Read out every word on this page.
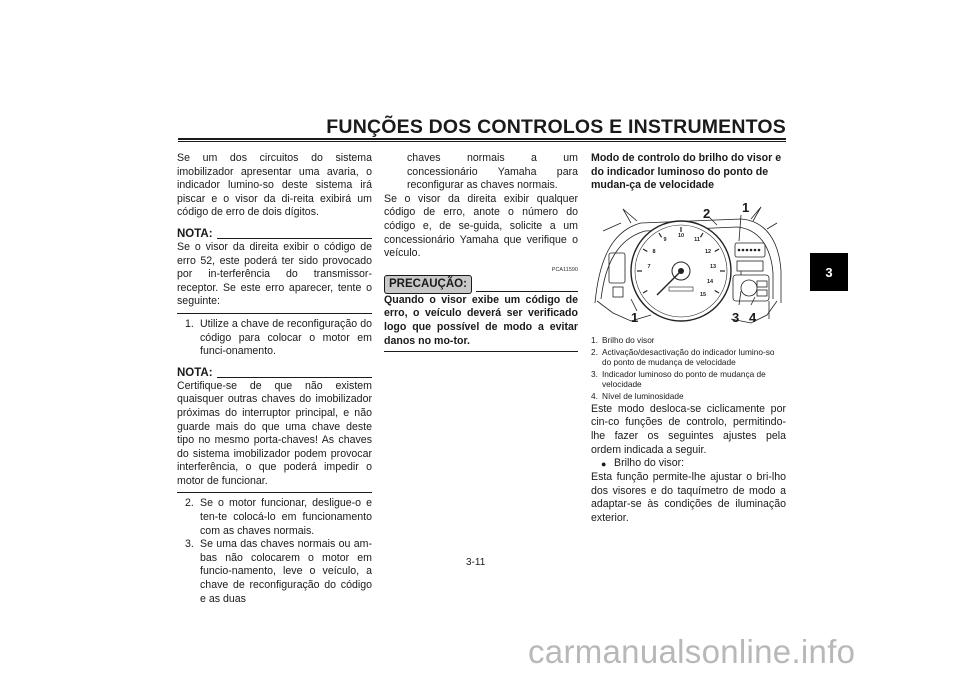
FUNÇÕES DOS CONTROLOS E INSTRUMENTOS

Se um dos circuitos do sistema imobilizador apresentar uma avaria, o indicador lumino-so deste sistema irá piscar e o visor da di-reita exibirá um código de erro de dois dígitos.

NOTA:

Se o visor da direita exibir o código de erro 52, este poderá ter sido provocado por in-terferência do transmissor-receptor. Se este erro aparecer, tente o seguinte:

1. Utilize a chave de reconfiguração do código para colocar o motor em funci-onamento.
NOTA:

Certifique-se de que não existem quaisquer outras chaves do imobilizador próximas do interruptor principal, e não guarde mais do que uma chave deste tipo no mesmo porta-chaves! As chaves do sistema imobilizador podem provocar interferência, o que poderá impedir o motor de funcionar.

2. Se o motor funcionar, desligue-o e ten-te colocá-lo em funcionamento com as chaves normais.
3. Se uma das chaves normais ou am-bas não colocarem o motor em funcio-namento, leve o veículo, a chave de reconfiguração do código e as duas

chaves normais a um concessionário Yamaha para reconfigurar as chaves normais.

Se o visor da direita exibir qualquer código de erro, anote o número do código e, de se-guida, solicite a um concessionário Yamaha que verifique o veículo.

PCA11590
PRECAUÇÃO:

Quando o visor exibe um código de erro, o veículo deverá ser verificado logo que possível de modo a evitar danos no mo-tor.

Modo de controlo do brilho do visor e do indicador luminoso do ponto de mudan-ça de velocidade

7
8
9
10
11
12
13
14
15
2 1
1	3 4
1. Brilho do visor
2. Activação/desactivação do indicador lumino-so do ponto de mudança de velocidade
3. Indicador luminoso do ponto de mudança de velocidade
4. Nível de luminosidade

Este modo desloca-se ciclicamente por cin-co funções de controlo, permitindo-lhe fazer os seguintes ajustes pela ordem indicada a seguir.

● Brilho do visor:

Esta função permite-lhe ajustar o bri-lho dos visores e do taquímetro de modo a adaptar-se às condições de iluminação exterior.

3
3-11
carmanualsonline.info
